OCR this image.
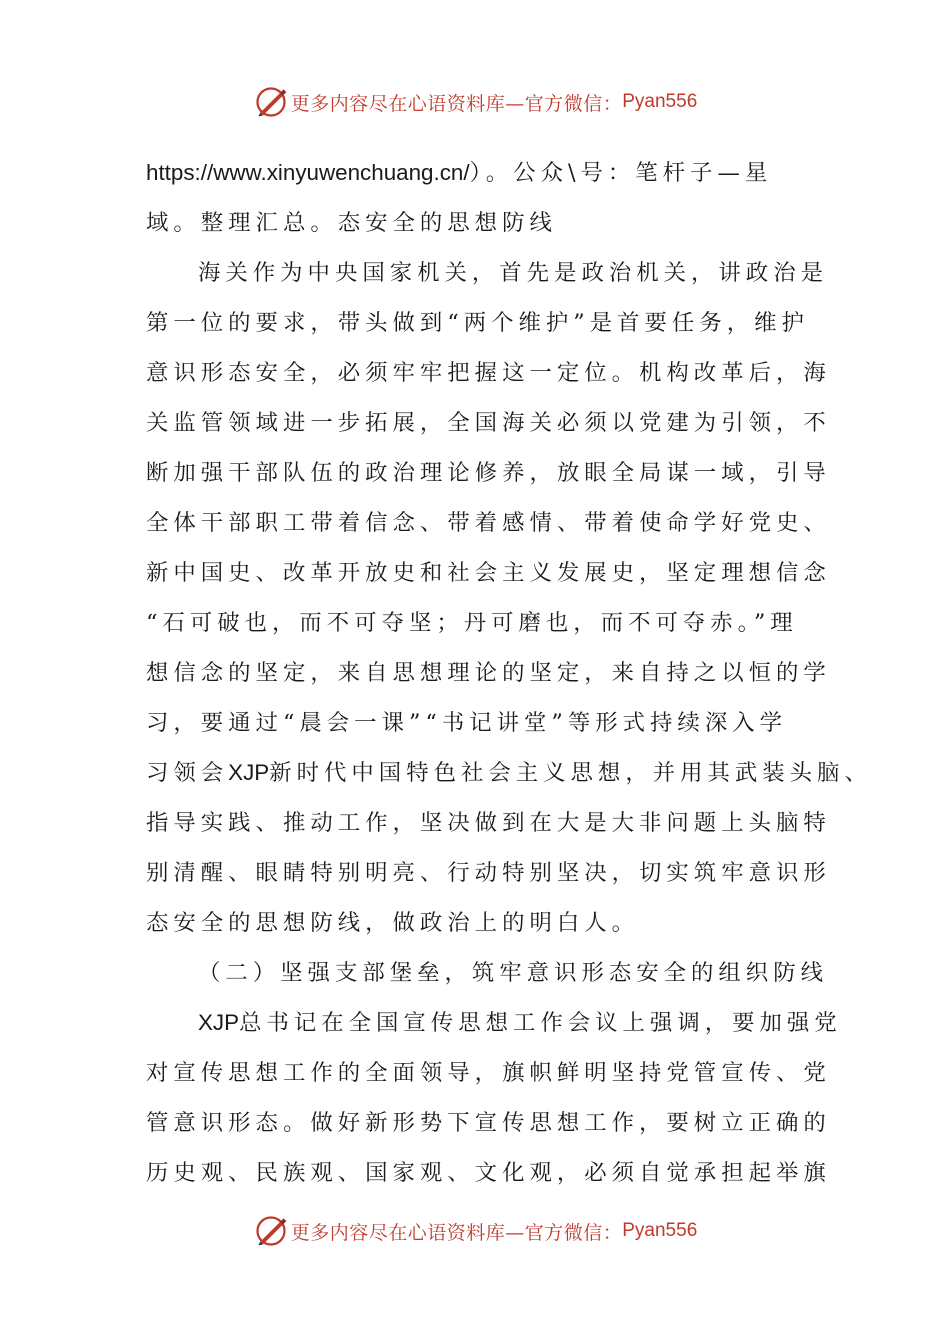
更多内容尽在心语资料库—官方微信： Pyan556
https://www.xinyuwenchuang.cn/）。公众\号：笔杆子—星
域。整理汇总。态安全的思想防线
海关作为中央国家机关，首先是政治机关，讲政治是
第一位的要求，带头做到“两个维护”是首要任务，维护
意识形态安全，必须牢牢把握这一定位。机构改革后，海
关监管领域进一步拓展，全国海关必须以党建为引领，不
断加强干部队伍的政治理论修养，放眼全局谋一域，引导
全体干部职工带着信念、带着感情、带着使命学好党史、
新中国史、改革开放史和社会主义发展史，坚定理想信念
“石可破也，而不可夺坚；丹可磨也，而不可夺赤。”理
想信念的坚定，来自思想理论的坚定，来自持之以恒的学
习，要通过“晨会一课”“书记讲堂”等形式持续深入学
习领会XJP新时代中国特色社会主义思想，并用其武装头脑、
指导实践、推动工作，坚决做到在大是大非问题上头脑特
别清醒、眼睛特别明亮、行动特别坚决，切实筑牢意识形
态安全的思想防线，做政治上的明白人。
（二）坚强支部堡垒，筑牢意识形态安全的组织防线
XJP总书记在全国宣传思想工作会议上强调，要加强党
对宣传思想工作的全面领导，旗帜鲜明坚持党管宣传、党
管意识形态。做好新形势下宣传思想工作，要树立正确的
历史观、民族观、国家观、文化观，必须自觉承担起举旗
更多内容尽在心语资料库—官方微信： Pyan556
